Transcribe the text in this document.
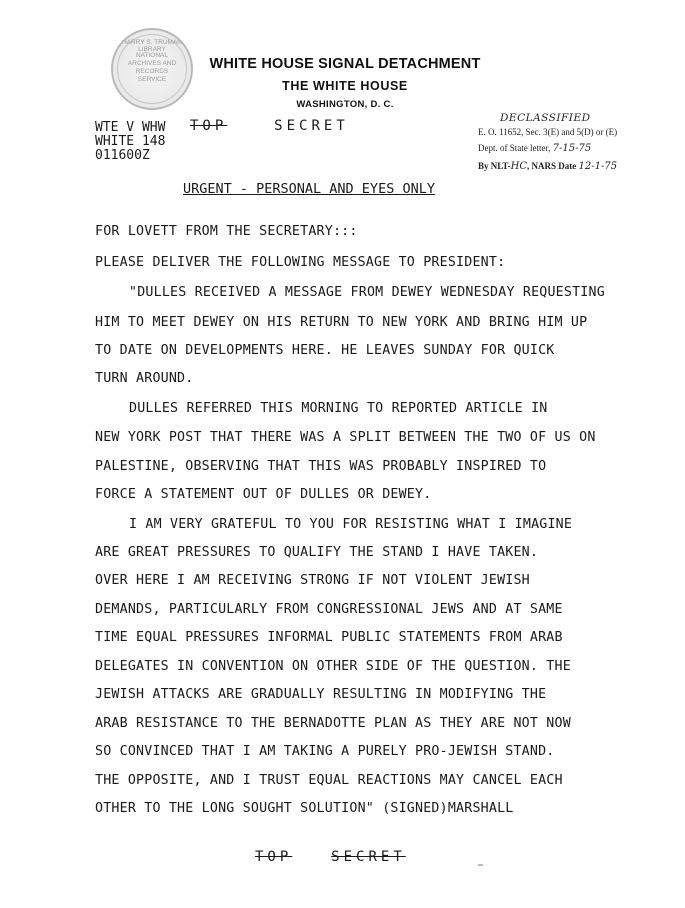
HARRY S. TRUMAN LIBRARY
NATIONAL
ARCHIVES AND
RECORDS
SERVICE
WHITE HOUSE SIGNAL DETACHMENT
THE WHITE HOUSE
WASHINGTON, D. C.
WTE V WHW
WHITE 148
011600Z
TOP	SECRET	DECLASSIFIED
E. O. 11652, Sec. 3(E) and 5(D) or (E)
Dept. of State letter, 7-15-75
By NLT-HC, NARS Date 12-1-75
URGENT - PERSONAL AND EYES ONLY
FOR LOVETT FROM THE SECRETARY:::
PLEASE DELIVER THE FOLLOWING MESSAGE TO PRESIDENT:
"DULLES RECEIVED A MESSAGE FROM DEWEY WEDNESDAY REQUESTING
HIM TO MEET DEWEY ON HIS RETURN TO NEW YORK AND BRING HIM UP
TO DATE ON DEVELOPMENTS HERE. HE LEAVES SUNDAY FOR QUICK
TURN AROUND.
DULLES REFERRED THIS MORNING TO REPORTED ARTICLE IN
NEW YORK POST THAT THERE WAS A SPLIT BETWEEN THE TWO OF US ON
PALESTINE, OBSERVING THAT THIS WAS PROBABLY INSPIRED TO
FORCE A STATEMENT OUT OF DULLES OR DEWEY.
I AM VERY GRATEFUL TO YOU FOR RESISTING WHAT I IMAGINE
ARE GREAT PRESSURES TO QUALIFY THE STAND I HAVE TAKEN.
OVER HERE I AM RECEIVING STRONG IF NOT VIOLENT JEWISH
DEMANDS, PARTICULARLY FROM CONGRESSIONAL JEWS AND AT SAME
TIME EQUAL PRESSURES INFORMAL PUBLIC STATEMENTS FROM ARAB
DELEGATES IN CONVENTION ON OTHER SIDE OF THE QUESTION. THE
JEWISH ATTACKS ARE GRADUALLY RESULTING IN MODIFYING THE
ARAB RESISTANCE TO THE BERNADOTTE PLAN AS THEY ARE NOT NOW
SO CONVINCED THAT I AM TAKING A PURELY PRO-JEWISH STAND.
THE OPPOSITE, AND I TRUST EQUAL REACTIONS MAY CANCEL EACH
OTHER TO THE LONG SOUGHT SOLUTION" (SIGNED)MARSHALL
TOP	SECRET
